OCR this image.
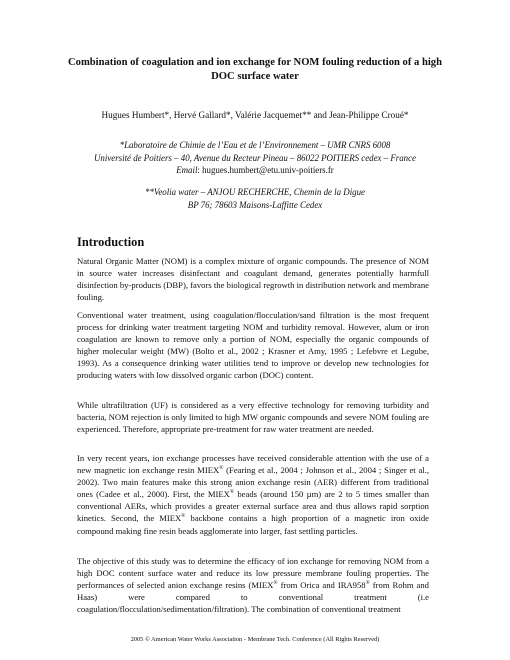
Combination of coagulation and ion exchange for NOM fouling reduction of a high DOC surface water
Hugues Humbert*, Hervé Gallard*, Valérie Jacquemet** and Jean-Philippe Croué*
*Laboratoire de Chimie de l’Eau et de l’Environnement – UMR CNRS 6008
Université de Poitiers – 40, Avenue du Recteur Pineau – 86022 POITIERS cedex – France
Email: hugues.humbert@etu.univ-poitiers.fr
**Veolia water – ANJOU RECHERCHE, Chemin de la Digue
BP 76; 78603 Maisons-Laffitte Cedex
Introduction

Natural Organic Matter (NOM) is a complex mixture of organic compounds. The presence of NOM in source water increases disinfectant and coagulant demand, generates potentially harmfull disinfection by-products (DBP), favors the biological regrowth in distribution network and membrane fouling.

Conventional water treatment, using coagulation/flocculation/sand filtration is the most frequent process for drinking water treatment targeting NOM and turbidity removal. However, alum or iron coagulation are known to remove only a portion of NOM, especially the organic compounds of higher molecular weight (MW) (Bolto et al., 2002 ; Krasner et Amy, 1995 ; Lefebvre et Legube, 1993). As a consequence drinking water utilities tend to improve or develop new technologies for producing waters with low dissolved organic carbon (DOC) content.

While ultrafiltration (UF) is considered as a very effective technology for removing turbidity and bacteria, NOM rejection is only limited to high MW organic compounds and severe NOM fouling are experienced. Therefore, appropriate pre-treatment for raw water treatment are needed.

In very recent years, ion exchange processes have received considerable attention with the use of a new magnetic ion exchange resin MIEX® (Fearing et al., 2004 ; Johnson et al., 2004 ; Singer et al., 2002). Two main features make this strong anion exchange resin (AER) different from traditional ones (Cadee et al., 2000). First, the MIEX® beads (around 150 µm) are 2 to 5 times smaller than conventional AERs, which provides a greater external surface area and thus allows rapid sorption kinetics. Second, the MIEX® backbone contains a high proportion of a magnetic iron oxide compound making fine resin beads agglomerate into larger, fast settling particles.

The objective of this study was to determine the efficacy of ion exchange for removing NOM from a high DOC content surface water and reduce its low pressure membrane fouling properties. The performances of selected anion exchange resins (MIEX® from Orica and IRA958® from Rohm and Haas) were compared to conventional treatment (i.e coagulation/flocculation/sedimentation/filtration). The combination of conventional treatment

2005 © American Water Works Association - Membrane Tech. Conference (All Rights Reserved)
